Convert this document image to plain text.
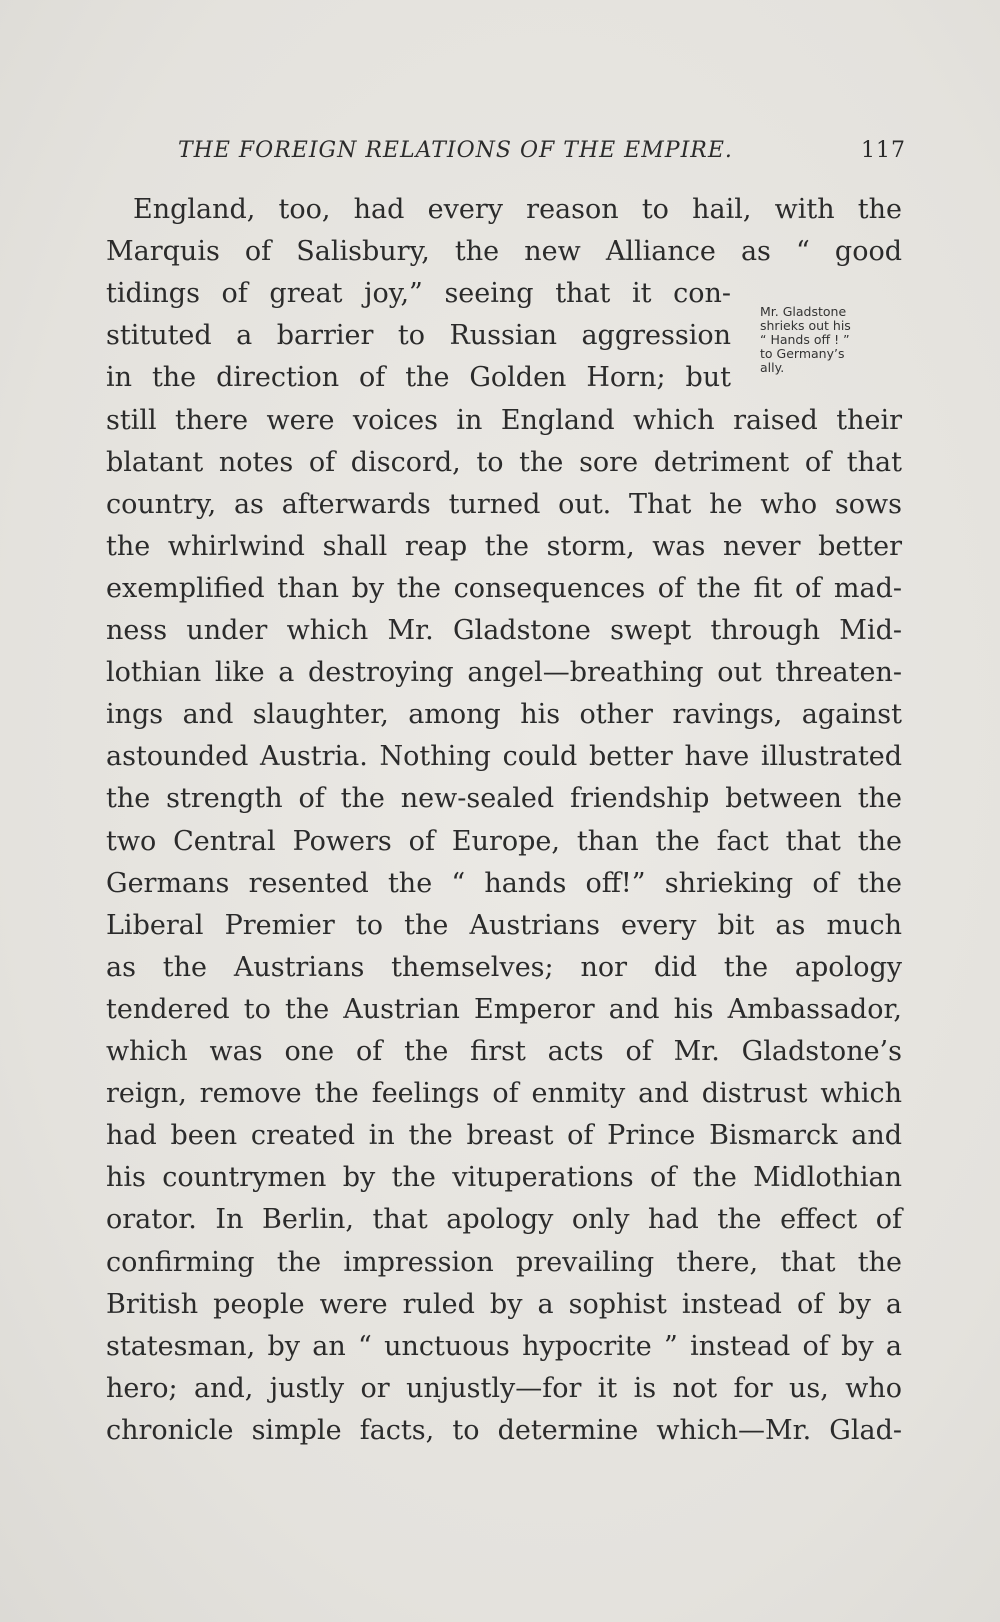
THE FOREIGN RELATIONS OF THE EMPIRE.	117
Mr. Gladstone
shrieks out his
“ Hands off ! ”
to Germany’s
ally.
 England, too, had every reason to hail, with the
Marquis of Salisbury, the new Alliance as “ good
tidings of great joy,” seeing that it con-
stituted a barrier to Russian aggression
in the direction of the Golden Horn; but
still there were voices in England which raised their
blatant notes of discord, to the sore detriment of that
country, as afterwards turned out. That he who sows
the whirlwind shall reap the storm, was never better
exemplified than by the consequences of the fit of mad-
ness under which Mr. Gladstone swept through Mid-
lothian like a destroying angel—breathing out threaten-
ings and slaughter, among his other ravings, against
astounded Austria. Nothing could better have illustrated
the strength of the new-sealed friendship between the
two Central Powers of Europe, than the fact that the
Germans resented the “ hands off!” shrieking of the
Liberal Premier to the Austrians every bit as much
as the Austrians themselves; nor did the apology
tendered to the Austrian Emperor and his Ambassador,
which was one of the first acts of Mr. Gladstone’s
reign, remove the feelings of enmity and distrust which
had been created in the breast of Prince Bismarck and
his countrymen by the vituperations of the Midlothian
orator. In Berlin, that apology only had the effect of
confirming the impression prevailing there, that the
British people were ruled by a sophist instead of by a
statesman, by an “ unctuous hypocrite ” instead of by a
hero; and, justly or unjustly—for it is not for us, who
chronicle simple facts, to determine which—Mr. Glad-
